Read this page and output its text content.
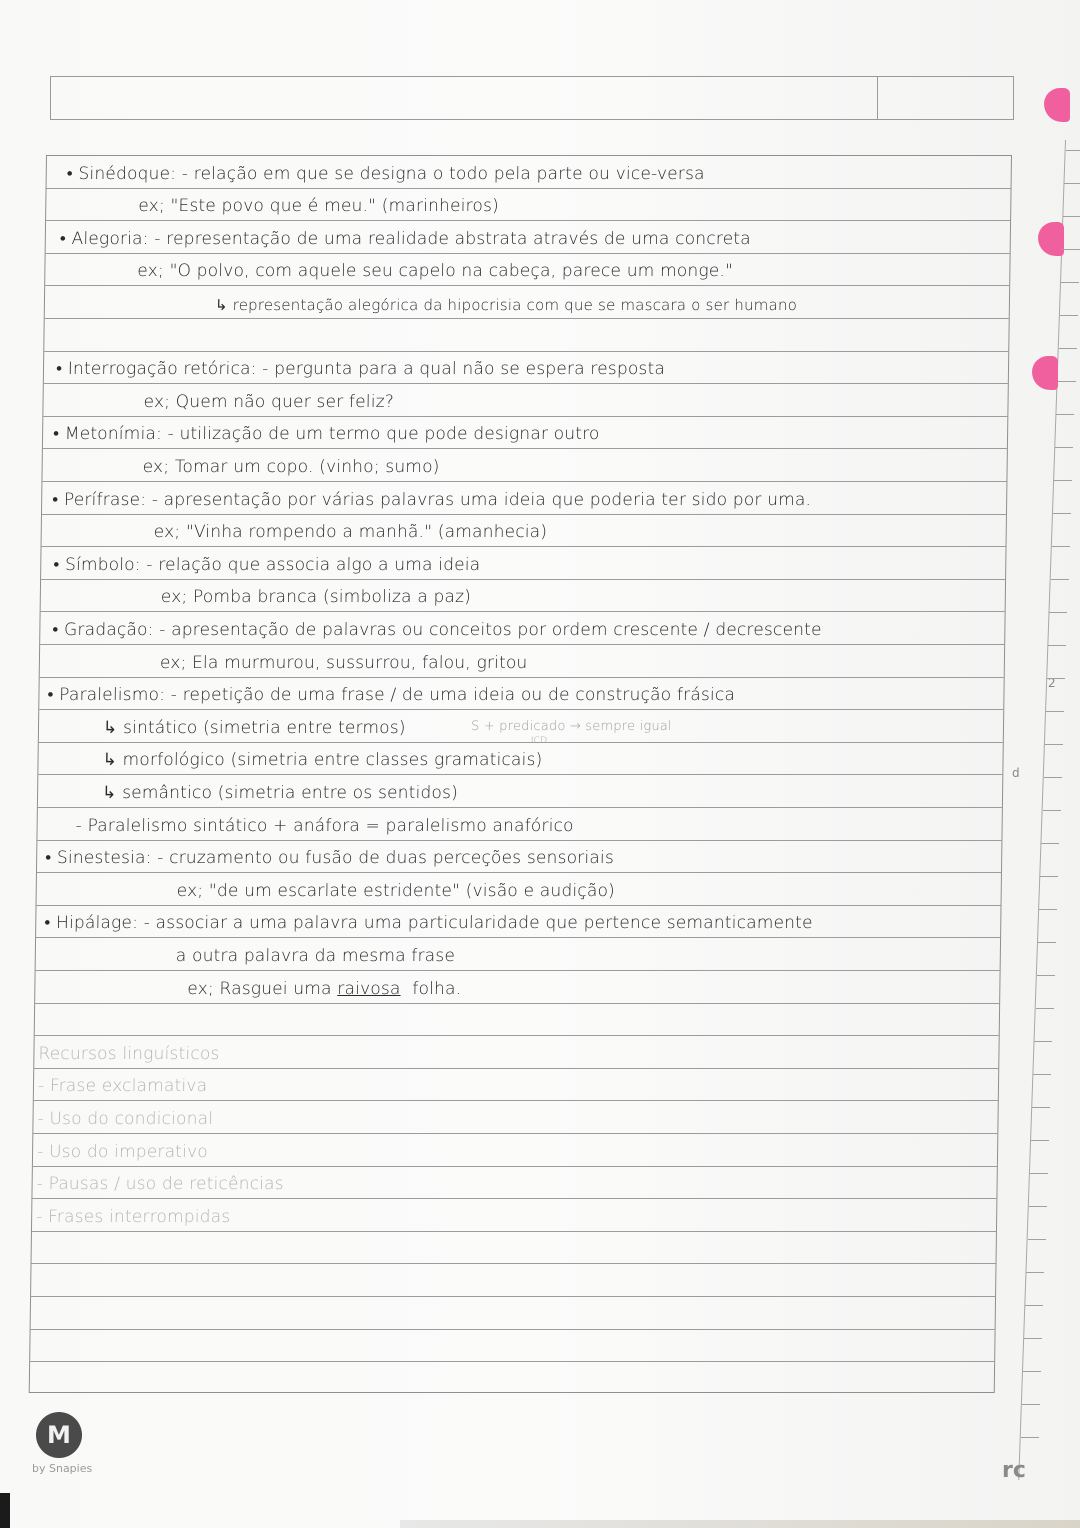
• Sinédoque: - relação em que se designa o todo pela parte ou vice-versa
ex; "Este povo que é meu." (marinheiros)
• Alegoria: - representação de uma realidade abstrata através de uma concreta
ex; "O polvo, com aquele seu capelo na cabeça, parece um monge."
↳ representação alegórica da hipocrisia com que se mascara o ser humano
• Interrogação retórica: - pergunta para a qual não se espera resposta
ex; Quem não quer ser feliz?
• Metonímia: - utilização de um termo que pode designar outro
ex; Tomar um copo. (vinho; sumo)
• Perífrase: - apresentação por várias palavras uma ideia que poderia ter sido por uma.
ex; "Vinha rompendo a manhã." (amanhecia)
• Símbolo: - relação que associa algo a uma ideia
ex; Pomba branca (simboliza a paz)
• Gradação: - apresentação de palavras ou conceitos por ordem crescente / decrescente
ex; Ela murmurou, sussurrou, falou, gritou
• Paralelismo: - repetição de uma frase / de uma ideia ou de construção frásica
↳ sintático (simetria entre termos)	S + predicado → sempre igual
ICD
↳ morfológico (simetria entre classes gramaticais)
↳ semântico (simetria entre os sentidos)
- Paralelismo sintático + anáfora = paralelismo anafórico
• Sinestesia: - cruzamento ou fusão de duas perceções sensoriais
ex; "de um escarlate estridente" (visão e audição)
• Hipálage: - associar a uma palavra uma particularidade que pertence semanticamente
a outra palavra da mesma frase
ex; Rasguei uma raivosa folha.
Recursos linguísticos
- Frase exclamativa
- Uso do condicional
- Uso do imperativo
- Pausas / uso de reticências
- Frases interrompidas
2
d
M
by Snapies	rc
